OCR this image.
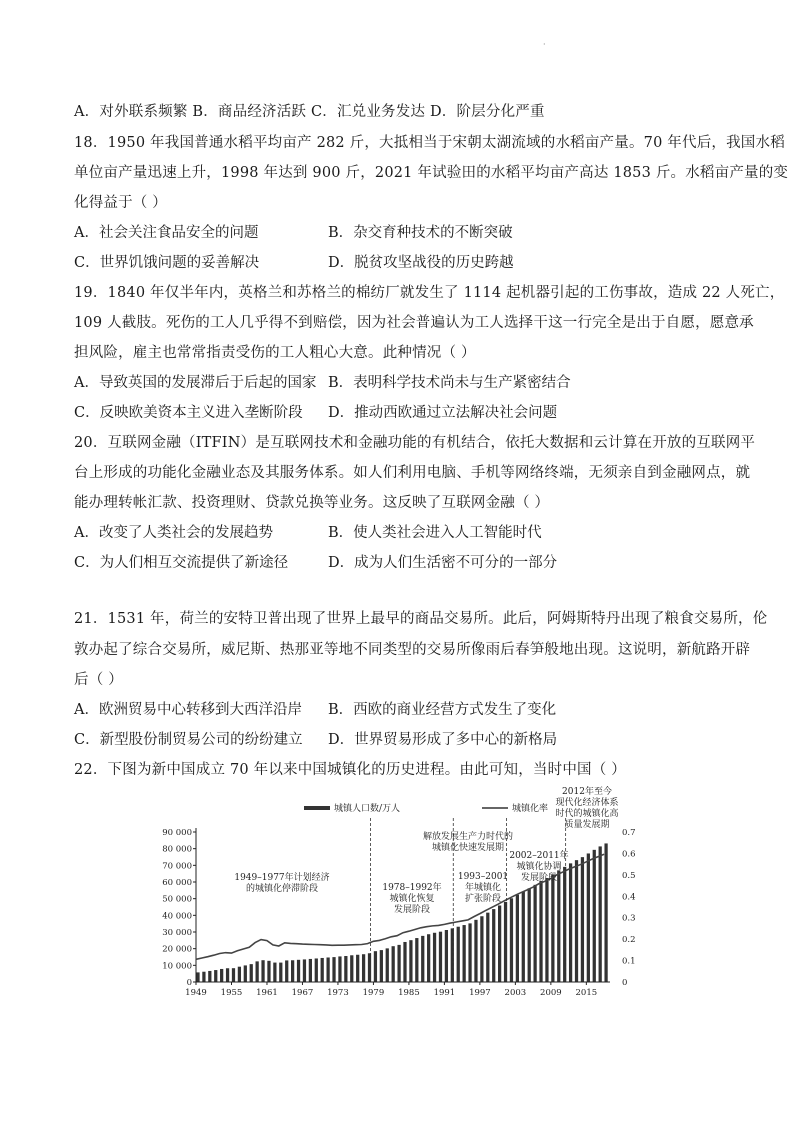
·
A．对外联系频繁 B．商品经济活跃 C．汇兑业务发达 D．阶层分化严重
18．1950 年我国普通水稻平均亩产 282 斤，大抵相当于宋朝太湖流域的水稻亩产量。70 年代后，我国水稻
单位亩产量迅速上升，1998 年达到 900 斤，2021 年试验田的水稻平均亩产高达 1853 斤。水稻亩产量的变
化得益于（ ）
A．社会关注食品安全的问题	B．杂交育种技术的不断突破
C．世界饥饿问题的妥善解决	D．脱贫攻坚战役的历史跨越
19．1840 年仅半年内，英格兰和苏格兰的棉纺厂就发生了 1114 起机器引起的工伤事故，造成 22 人死亡，
109 人截肢。死伤的工人几乎得不到赔偿，因为社会普遍认为工人选择干这一行完全是出于自愿，愿意承
担风险，雇主也常常指责受伤的工人粗心大意。此种情况（ ）
A．导致英国的发展滞后于后起的国家 B．表明科学技术尚未与生产紧密结合
C．反映欧美资本主义进入垄断阶段 D．推动西欧通过立法解决社会问题
20．互联网金融（ITFIN）是互联网技术和金融功能的有机结合，依托大数据和云计算在开放的互联网平
台上形成的功能化金融业态及其服务体系。如人们利用电脑、手机等网络终端，无须亲自到金融网点，就
能办理转帐汇款、投资理财、贷款兑换等业务。这反映了互联网金融（ ）
A．改变了人类社会的发展趋势	B．使人类社会进入人工智能时代
C．为人们相互交流提供了新途径	D．成为人们生活密不可分的一部分
21．1531 年，荷兰的安特卫普出现了世界上最早的商品交易所。此后，阿姆斯特丹出现了粮食交易所，伦
敦办起了综合交易所，威尼斯、热那亚等地不同类型的交易所像雨后春笋般地出现。这说明，新航路开辟
后（ ）
A．欧洲贸易中心转移到大西洋沿岸 B．西欧的商业经营方式发生了变化
C．新型股份制贸易公司的纷纷建立 D．世界贸易形成了多中心的新格局
22．下图为新中国成立 70 年以来中国城镇化的历史进程。由此可知，当时中国（ ）
0
10 000
20 000
30 000
40 000
50 000
60 000
70 000
80 000
90 000
0
0.1
0.2
0.3
0.4
0.5
0.6
0.7
1949 1955 1961 1967 1973 1979 1985 1991 1997 2003 2009 2015
1949–1977年计划经济
的城镇化停滞阶段	1978–1992年
城镇化恢复
发展阶段
1993–2001
年城镇化
扩张阶段
2002–2011年
城镇化协调
发展阶段
解放发展生产力时代的
城镇化快速发展期
2012年至今
现代化经济体系
时代的城镇化高
质量发展期
城镇人口数/万人	城镇化率
